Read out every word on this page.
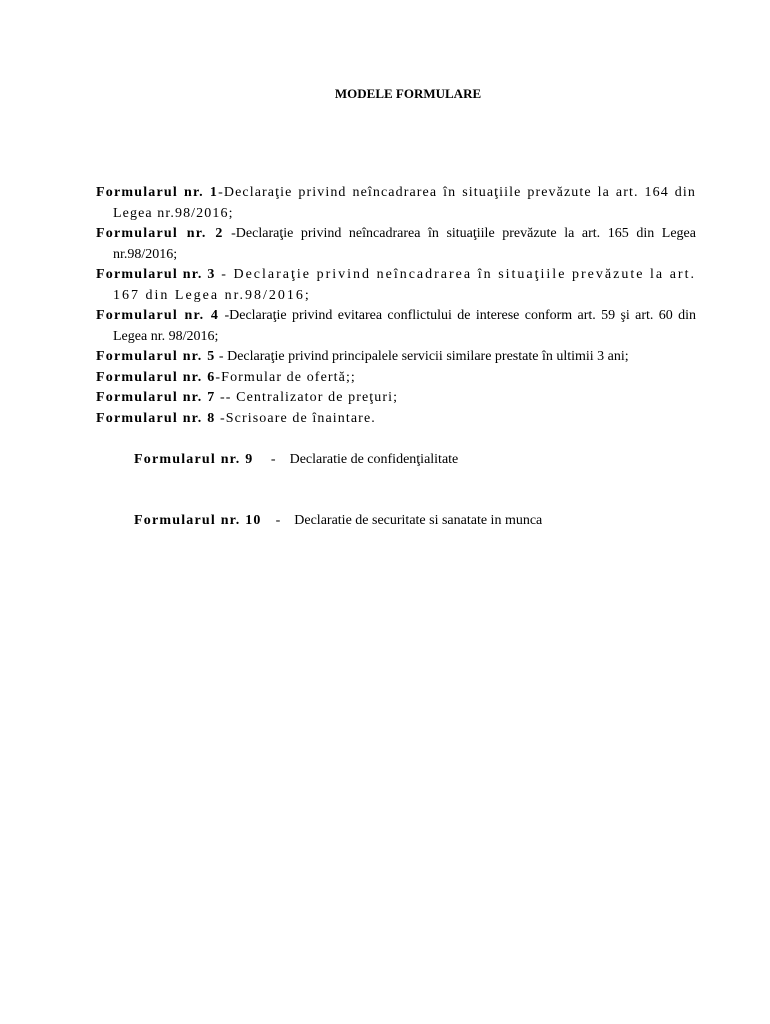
MODELE FORMULARE
Formularul nr. 1-Declaraţie privind neîncadrarea în situaţiile prevăzute la art. 164 din Legea nr.98/2016;
Formularul nr. 2 -Declaraţie privind neîncadrarea în situaţiile prevăzute la art. 165 din Legea nr.98/2016;
Formularul nr. 3 - Declaraţie privind neîncadrarea în situaţiile prevăzute la art. 167 din Legea nr.98/2016;
Formularul nr. 4 -Declaraţie privind evitarea conflictului de interese conform art. 59 şi art. 60 din Legea nr. 98/2016;
Formularul nr. 5 - Declaraţie privind principalele servicii similare prestate în ultimii 3 ani;
Formularul nr. 6-Formular de ofertă;;
Formularul nr. 7 -- Centralizator de preţuri;
Formularul nr. 8 -Scrisoare de înaintare.

Formularul nr. 9     -    Declaratie de confidenţialitate

Formularul nr. 10    -    Declaratie de securitate si sanatate in munca
